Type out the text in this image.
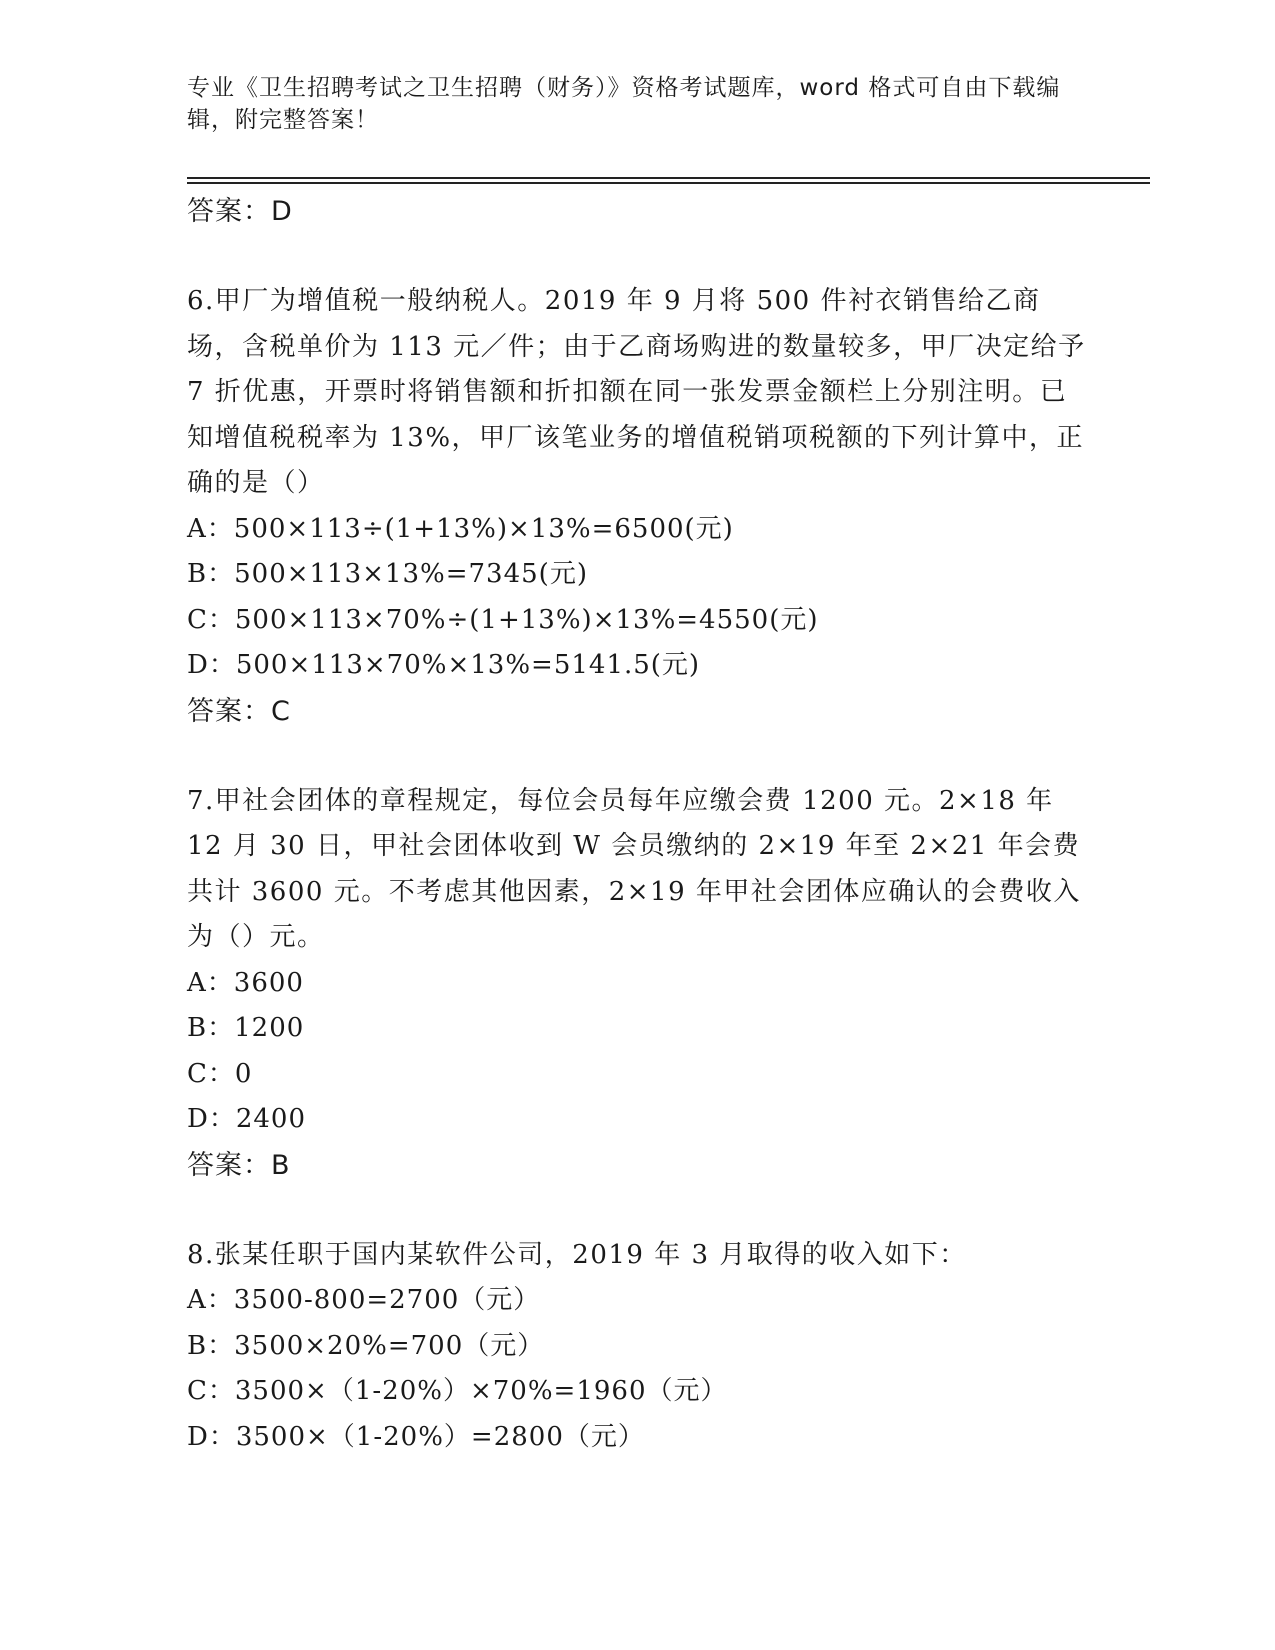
专业《卫生招聘考试之卫生招聘（财务）》资格考试题库，word 格式可自由下载编辑，附完整答案！
答案：D

6.甲厂为增值税一般纳税人。2019 年 9 月将 500 件衬衣销售给乙商场，含税单价为 113 元／件；由于乙商场购进的数量较多，甲厂决定给予 7 折优惠，开票时将销售额和折扣额在同一张发票金额栏上分别注明。已知增值税税率为 13%，甲厂该笔业务的增值税销项税额的下列计算中，正确的是（）

A：500×113÷(1+13%)×13%=6500(元)
B：500×113×13%=7345(元)
C：500×113×70%÷(1+13%)×13%=4550(元)
D：500×113×70%×13%=5141.5(元)
答案：C

7.甲社会团体的章程规定，每位会员每年应缴会费 1200 元。2×18 年12 月 30 日，甲社会团体收到 W 会员缴纳的 2×19 年至 2×21 年会费共计 3600 元。不考虑其他因素，2×19 年甲社会团体应确认的会费收入为（）元。

A：3600
B：1200
C：0
D：2400
答案：B

8.张某任职于国内某软件公司，2019 年 3 月取得的收入如下：

A：3500-800=2700（元）
B：3500×20%=700（元）
C：3500×（1-20%）×70%=1960（元）
D：3500×（1-20%）=2800（元）
